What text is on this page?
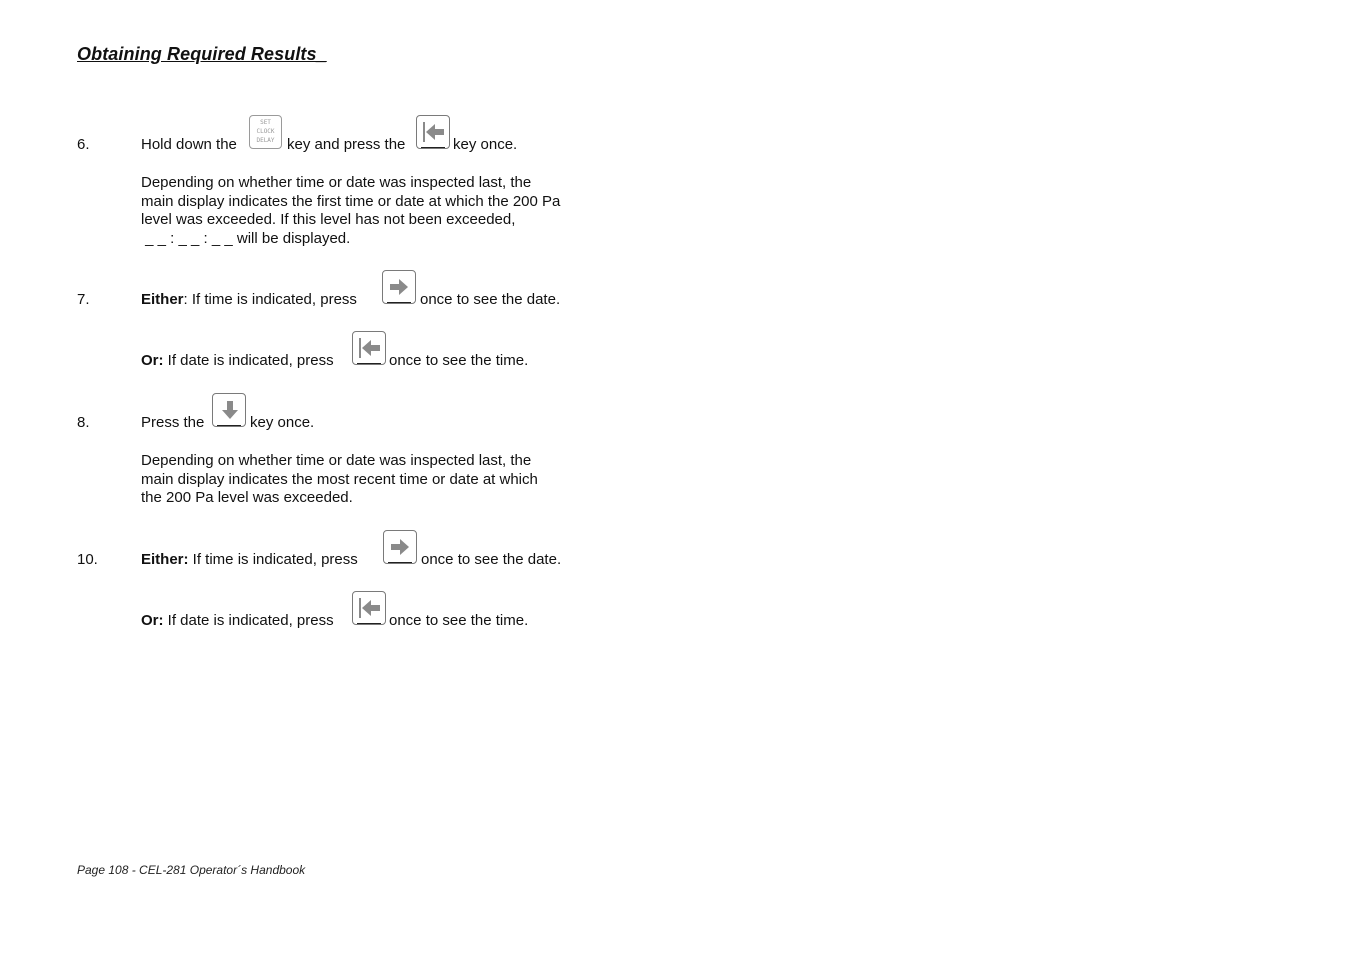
Obtaining Required Results_
6.	Hold down the
SET
CLOCK
DELAY key and press the	key once.

Depending on whether time or date was inspected last, the

main display indicates the first time or date at which the 200 Pa

level was exceeded. If this level has not been exceeded,

_ _ : _ _ : _ _ will be displayed.

7.	Either: If time is indicated, press	once to see the date.
Or: If date is indicated, press	once to see the time.
8.	Press the	key once.

Depending on whether time or date was inspected last, the

main display indicates the most recent time or date at which

the 200 Pa level was exceeded.

10.	Either: If time is indicated, press	once to see the date.
Or: If date is indicated, press	once to see the time.
Page 108 - CEL-281 Operator´s Handbook
